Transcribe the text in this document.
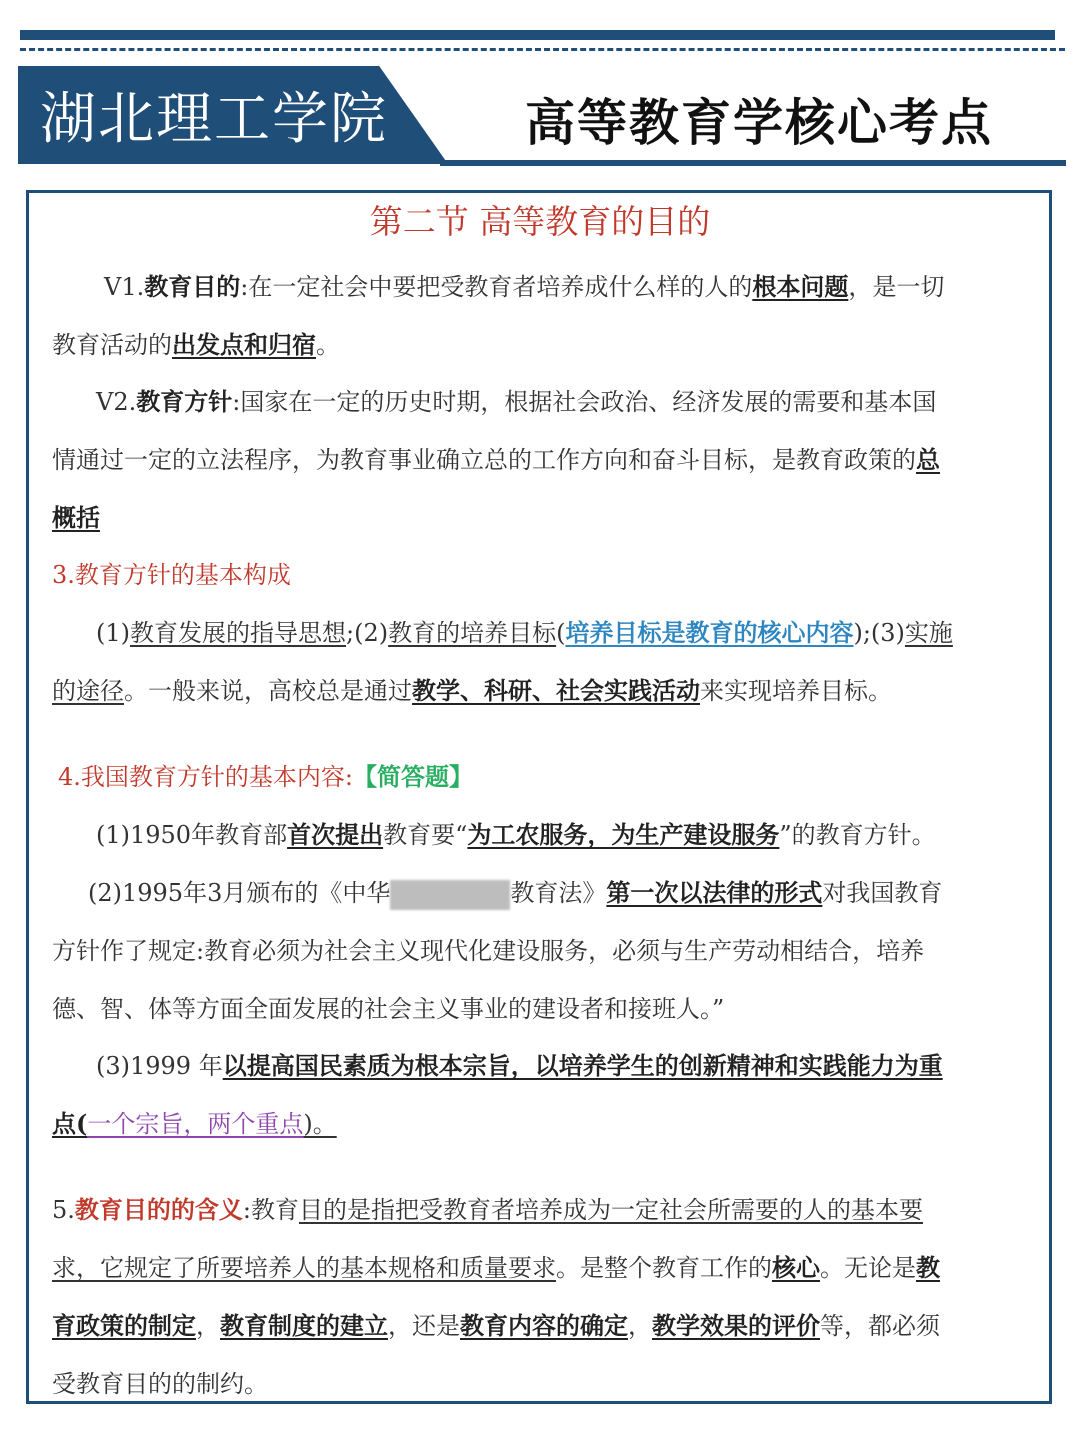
湖北理工学院	高等教育学核心考点
第二节 高等教育的目的

V1.教育目的:在一定社会中要把受教育者培养成什么样的人的根本问题，是一切
教育活动的出发点和归宿。

V2.教育方针:国家在一定的历史时期，根据社会政治、经济发展的需要和基本国
情通过一定的立法程序，为教育事业确立总的工作方向和奋斗目标，是教育政策的总
概括

3.教育方针的基本构成

(1)教育发展的指导思想;(2)教育的培养目标(培养目标是教育的核心内容);(3)实施
的途径。一般来说，高校总是通过教学、科研、社会实践活动来实现培养目标。

4.我国教育方针的基本内容:【简答题】

(1)1950年教育部首次提出教育要“为工农服务，为生产建设服务”的教育方针。

(2)1995年3月颁布的《中华	教育法》第一次以法律的形式对我国教育
方针作了规定:教育必须为社会主义现代化建设服务，必须与生产劳动相结合，培养
德、智、体等方面全面发展的社会主义事业的建设者和接班人。”

(3)1999 年以提高国民素质为根本宗旨，以培养学生的创新精神和实践能力为重
点(一个宗旨，两个重点)。

5.教育目的的含义:教育目的是指把受教育者培养成为一定社会所需要的人的基本要
求，它规定了所要培养人的基本规格和质量要求。是整个教育工作的核心。无论是教
育政策的制定，教育制度的建立，还是教育内容的确定，教学效果的评价等，都必须
受教育目的的制约。
